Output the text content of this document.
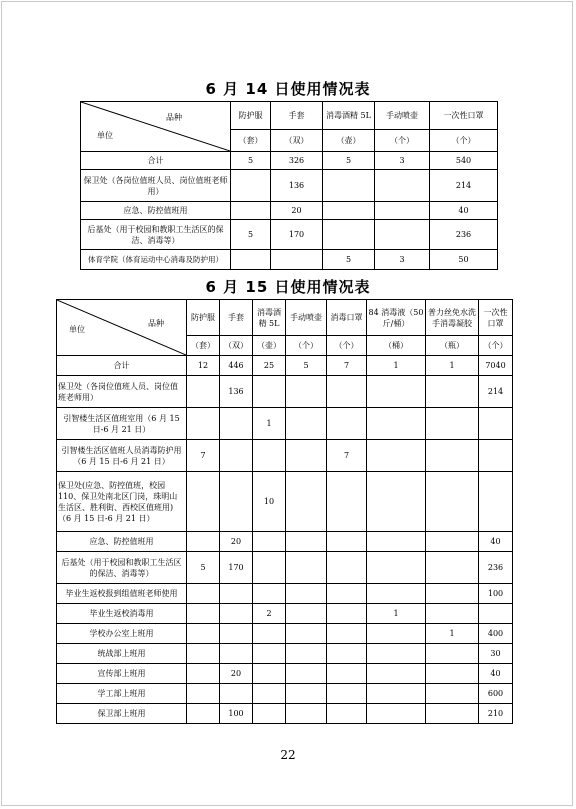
6 月 14 日使用情况表
品种
单位	防护服	手套	消毒酒精 5L	手动喷壶	一次性口罩
	（套）	（双）	（壶）	（个）	（个）
合计	5	326	5	3	540
保卫处（各岗位值班人员、岗位值班老师用）		136			214
应急、防控值班用		20			40
后基处（用于校园和教职工生活区的保洁、消毒等）	5	170			236
体育学院（体育运动中心消毒及防护用）			5	3	50
6 月 15 日使用情况表
品种
单位	防护服	手套	消毒酒精 5L	手动喷壶	消毒口罩	84 消毒液（50 斤/桶）	普力丝免水洗手消毒凝胶	一次性口罩
	（套）	（双）	（壶）	（个）	（个）	（桶）	（瓶）	（个）
合计	12	446	25	5	7	1	1	7040
保卫处（各岗位值班人员、岗位值班老师用）		136						214
引智楼生活区值班室用（6 月 15 日-6 月 21 日）			1					
引智楼生活区值班人员消毒防护用（6 月 15 日-6 月 21 日）	7				7			
保卫处(应急、防控值班，校园 110、保卫处南北区门岗，珠明山生活区、胜利街、西校区值班用)（6 月 15 日-6 月 21 日）			10					
应急、防控值班用		20						40
后基处（用于校园和教职工生活区的保洁、消毒等）	5	170						236
毕业生返校报到组值班老师使用								100
毕业生返校消毒用			2			1		
学校办公室上班用							1	400
统战部上班用								30
宣传部上班用		20						40
学工部上班用								600
保卫部上班用		100						210
22
